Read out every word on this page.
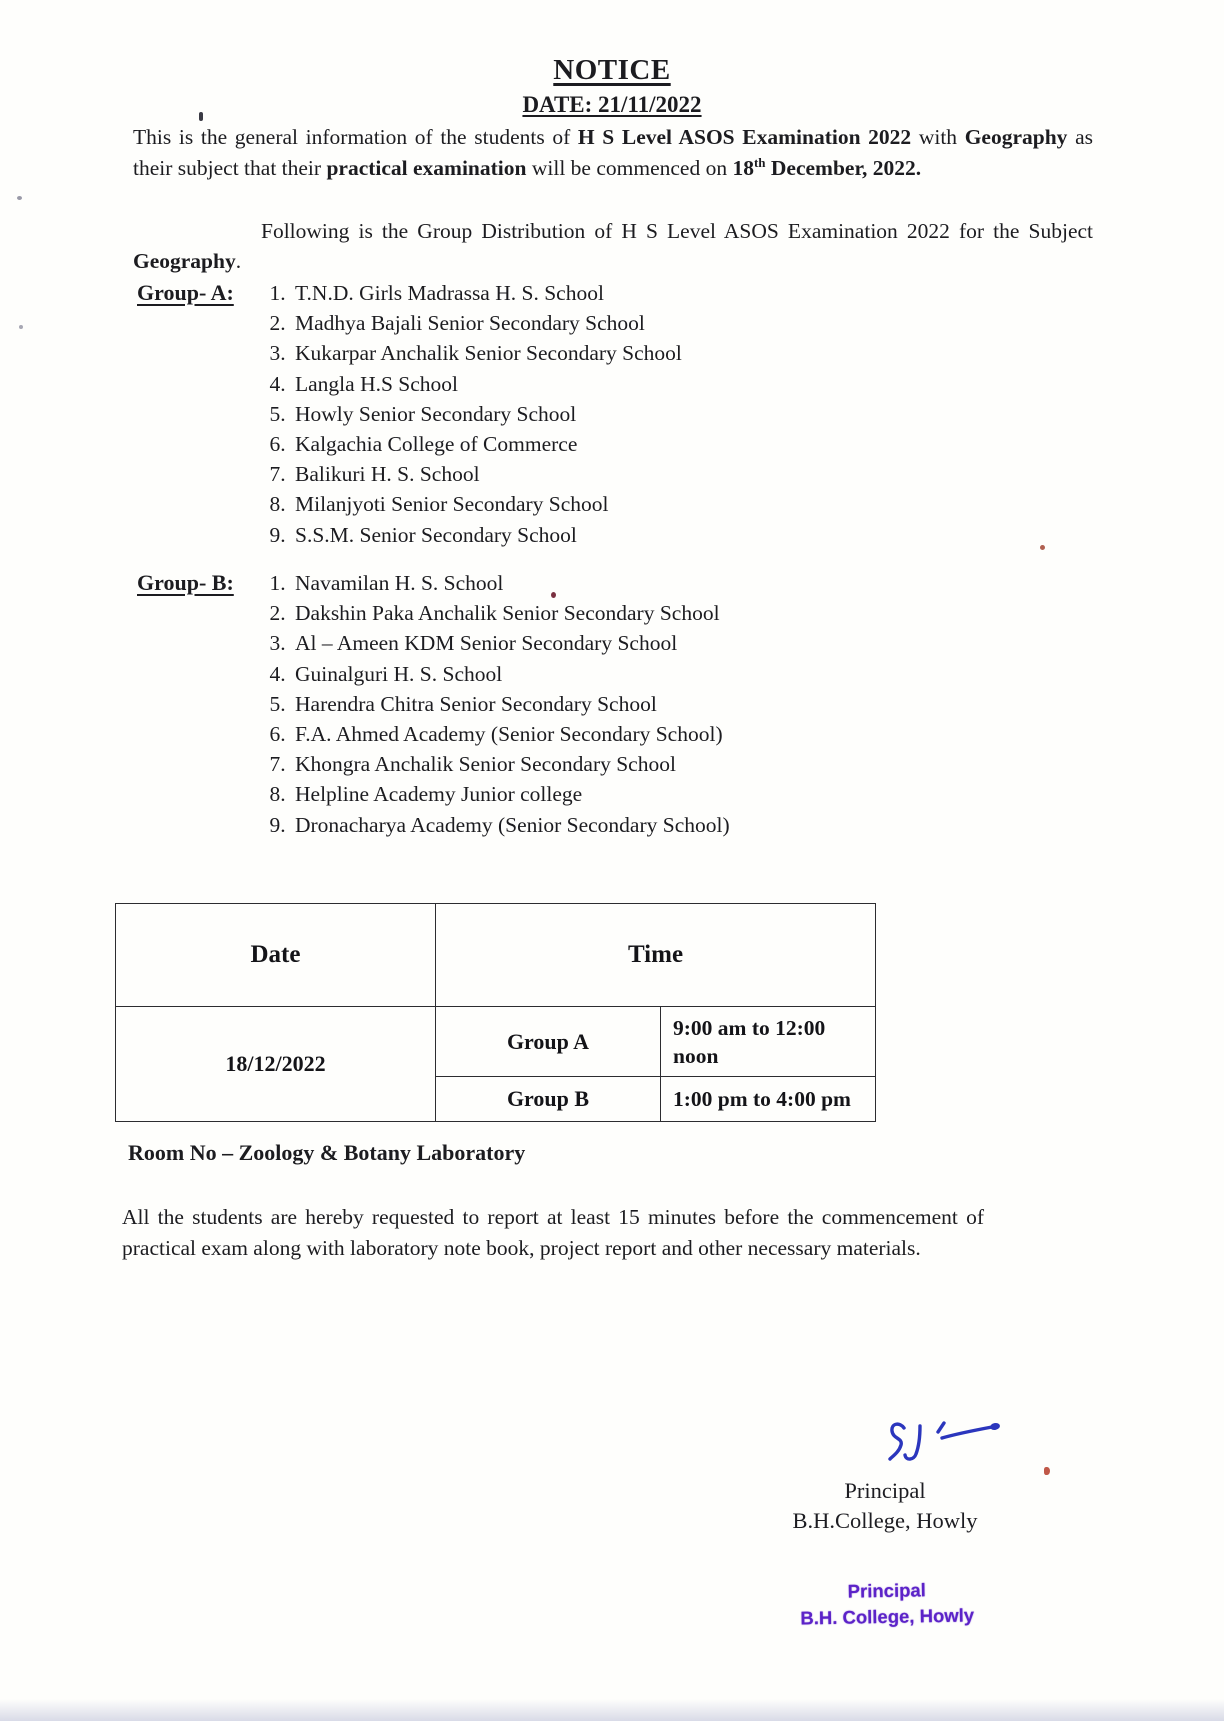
NOTICE
DATE: 21/11/2022
This is the general information of the students of H S Level ASOS Examination 2022 with Geography as their subject that their practical examination will be commenced on 18th December, 2022.
Following is the Group Distribution of H S Level ASOS Examination 2022 for the Subject Geography.
Group- A:	1. T.N.D. Girls Madrassa H. S. School
2. Madhya Bajali Senior Secondary School
3. Kukarpar Anchalik Senior Secondary School
4. Langla H.S School
5. Howly Senior Secondary School
6. Kalgachia College of Commerce
7. Balikuri H. S. School
8. Milanjyoti Senior Secondary School
9. S.S.M. Senior Secondary School
Group- B:	1. Navamilan H. S. School
2. Dakshin Paka Anchalik Senior Secondary School
3. Al – Ameen KDM Senior Secondary School
4. Guinalguri H. S. School
5. Harendra Chitra Senior Secondary School
6. F.A. Ahmed Academy (Senior Secondary School)
7. Khongra Anchalik Senior Secondary School
8. Helpline Academy Junior college
9. Dronacharya Academy (Senior Secondary School)
Date	Time	
18/12/2022	Group A	9:00 am to 12:00 noon
	Group B	1:00 pm to 4:00 pm
Room No – Zoology & Botany Laboratory
All the students are hereby requested to report at least 15 minutes before the commencement of practical exam along with laboratory note book, project report and other necessary materials.
Principal
B.H.College, Howly
Principal
B.H. College, Howly
